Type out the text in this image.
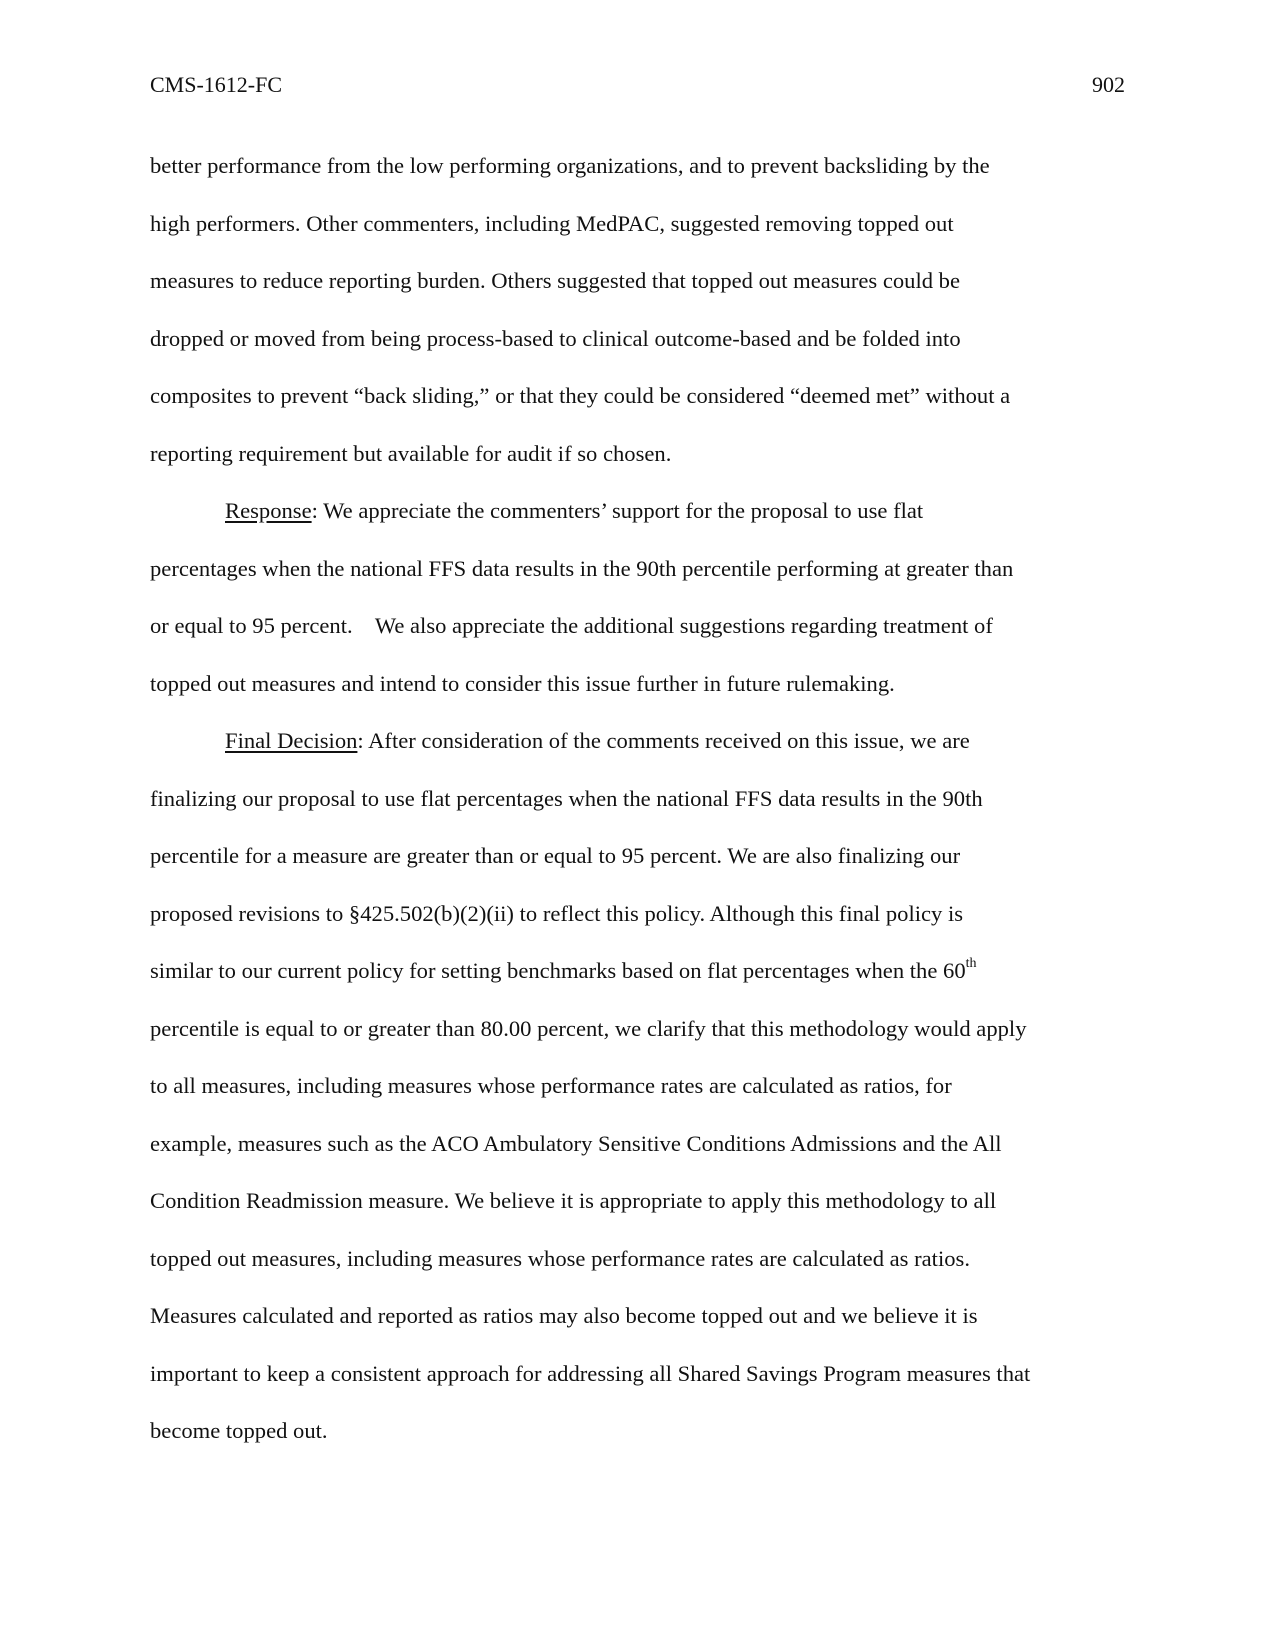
CMS-1612-FC	902
better performance from the low performing organizations, and to prevent backsliding by the
high performers. Other commenters, including MedPAC, suggested removing topped out
measures to reduce reporting burden. Others suggested that topped out measures could be
dropped or moved from being process-based to clinical outcome-based and be folded into
composites to prevent “back sliding,” or that they could be considered “deemed met” without a
reporting requirement but available for audit if so chosen.
Response: We appreciate the commenters’ support for the proposal to use flat
percentages when the national FFS data results in the 90th percentile performing at greater than
or equal to 95 percent.    We also appreciate the additional suggestions regarding treatment of
topped out measures and intend to consider this issue further in future rulemaking.
Final Decision: After consideration of the comments received on this issue, we are
finalizing our proposal to use flat percentages when the national FFS data results in the 90th
percentile for a measure are greater than or equal to 95 percent. We are also finalizing our
proposed revisions to §425.502(b)(2)(ii) to reflect this policy. Although this final policy is
similar to our current policy for setting benchmarks based on flat percentages when the 60th
percentile is equal to or greater than 80.00 percent, we clarify that this methodology would apply
to all measures, including measures whose performance rates are calculated as ratios, for
example, measures such as the ACO Ambulatory Sensitive Conditions Admissions and the All
Condition Readmission measure. We believe it is appropriate to apply this methodology to all
topped out measures, including measures whose performance rates are calculated as ratios.
Measures calculated and reported as ratios may also become topped out and we believe it is
important to keep a consistent approach for addressing all Shared Savings Program measures that
become topped out.
